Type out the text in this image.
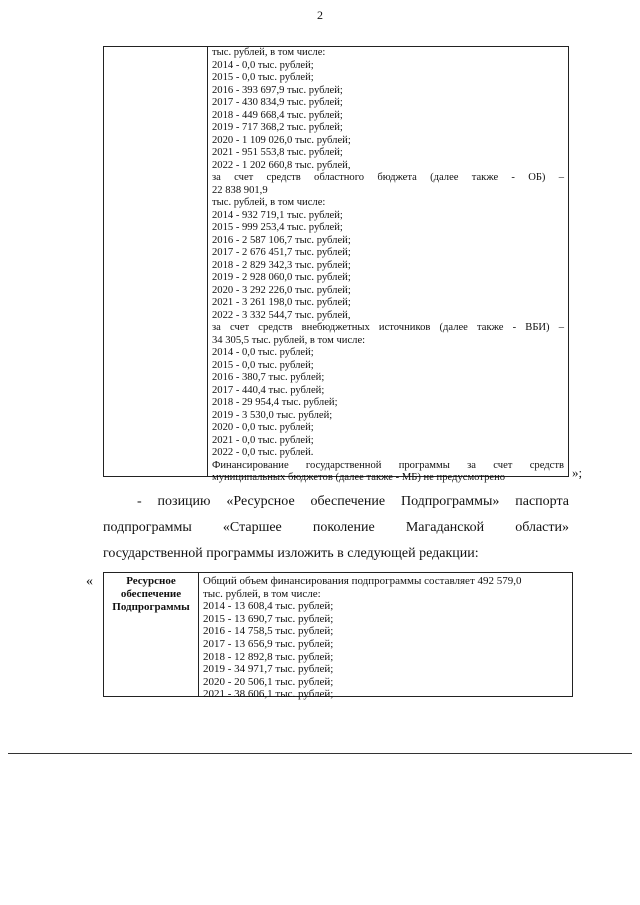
2
тыс. рублей, в том числе:
2014 - 0,0 тыс. рублей;
2015 - 0,0 тыс. рублей;
2016 - 393 697,9 тыс. рублей;
2017 - 430 834,9 тыс. рублей;
2018 - 449 668,4 тыс. рублей;
2019 - 717 368,2 тыс. рублей;
2020 - 1 109 026,0 тыс. рублей;
2021 - 951 553,8 тыс. рублей;
2022 - 1 202 660,8 тыс. рублей,
за счет средств областного бюджета (далее также - ОБ) –
22 838 901,9
тыс. рублей, в том числе:
2014 - 932 719,1 тыс. рублей;
2015 - 999 253,4 тыс. рублей;
2016 - 2 587 106,7 тыс. рублей;
2017 - 2 676 451,7 тыс. рублей;
2018 - 2 829 342,3 тыс. рублей;
2019 - 2 928 060,0 тыс. рублей;
2020 - 3 292 226,0 тыс. рублей;
2021 - 3 261 198,0 тыс. рублей;
2022 - 3 332 544,7 тыс. рублей,
за счет средств внебюджетных источников (далее также - ВБИ) –
34 305,5 тыс. рублей, в том числе:
2014 - 0,0 тыс. рублей;
2015 - 0,0 тыс. рублей;
2016 - 380,7 тыс. рублей;
2017 - 440,4 тыс. рублей;
2018 - 29 954,4 тыс. рублей;
2019 - 3 530,0 тыс. рублей;
2020 - 0,0 тыс. рублей;
2021 - 0,0 тыс. рублей;
2022 - 0,0 тыс. рублей.
Финансирование государственной программы за счет средств
муниципальных бюджетов (далее также - МБ) не предусмотрено	»;
- позицию «Ресурсное обеспечение Подпрограммы» паспорта
подпрограммы «Старшее поколение Магаданской области»
государственной программы изложить в следующей редакции:
«	Ресурсное
обеспечение
Подпрограммы
Общий объем финансирования подпрограммы составляет 492 579,0
тыс. рублей, в том числе:
2014 - 13 608,4 тыс. рублей;
2015 - 13 690,7 тыс. рублей;
2016 - 14 758,5 тыс. рублей;
2017 - 13 656,9 тыс. рублей;
2018 - 12 892,8 тыс. рублей;
2019 - 34 971,7 тыс. рублей;
2020 - 20 506,1 тыс. рублей;
2021 - 38 606,1 тыс. рублей;
